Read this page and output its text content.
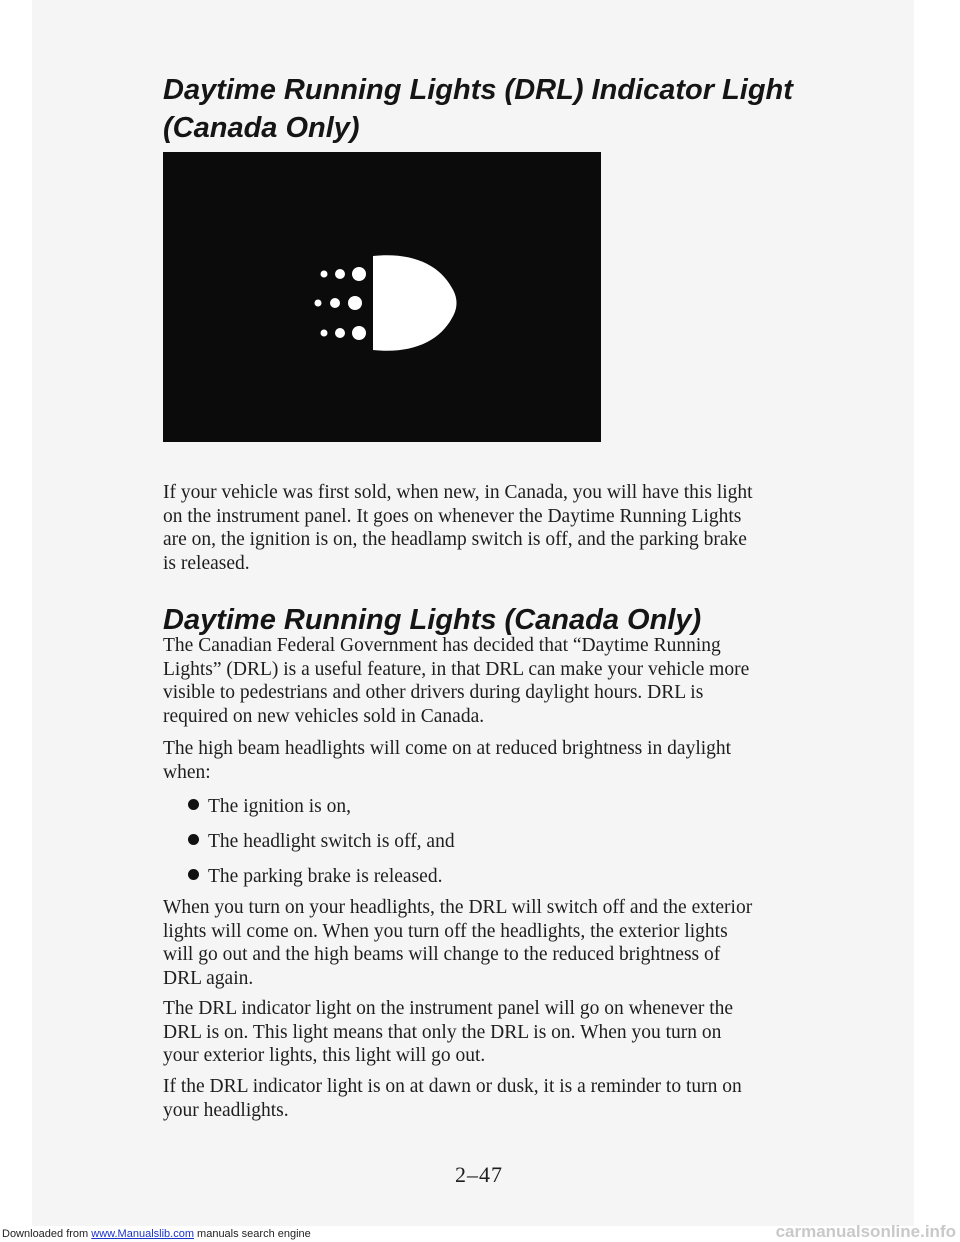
Daytime Running Lights (DRL) Indicator Light
(Canada Only)

If your vehicle was first sold, when new, in Canada, you will have this light
on the instrument panel. It goes on whenever the Daytime Running Lights
are on, the ignition is on, the headlamp switch is off, and the parking brake
is released.

Daytime Running Lights (Canada Only)

The Canadian Federal Government has decided that “Daytime Running
Lights” (DRL) is a useful feature, in that DRL can make your vehicle more
visible to pedestrians and other drivers during daylight hours. DRL is
required on new vehicles sold in Canada.

The high beam headlights will come on at reduced brightness in daylight
when:

The ignition is on,

The headlight switch is off, and

The parking brake is released.

When you turn on your headlights, the DRL will switch off and the exterior
lights will come on. When you turn off the headlights, the exterior lights
will go out and the high beams will change to the reduced brightness of
DRL again.

The DRL indicator light on the instrument panel will go on whenever the
DRL is on. This light means that only the DRL is on. When you turn on
your exterior lights, this light will go out.

If the DRL indicator light is on at dawn or dusk, it is a reminder to turn on
your headlights.

2–47
Downloaded from www.Manualslib.com manuals search engine	carmanualsonline.info
